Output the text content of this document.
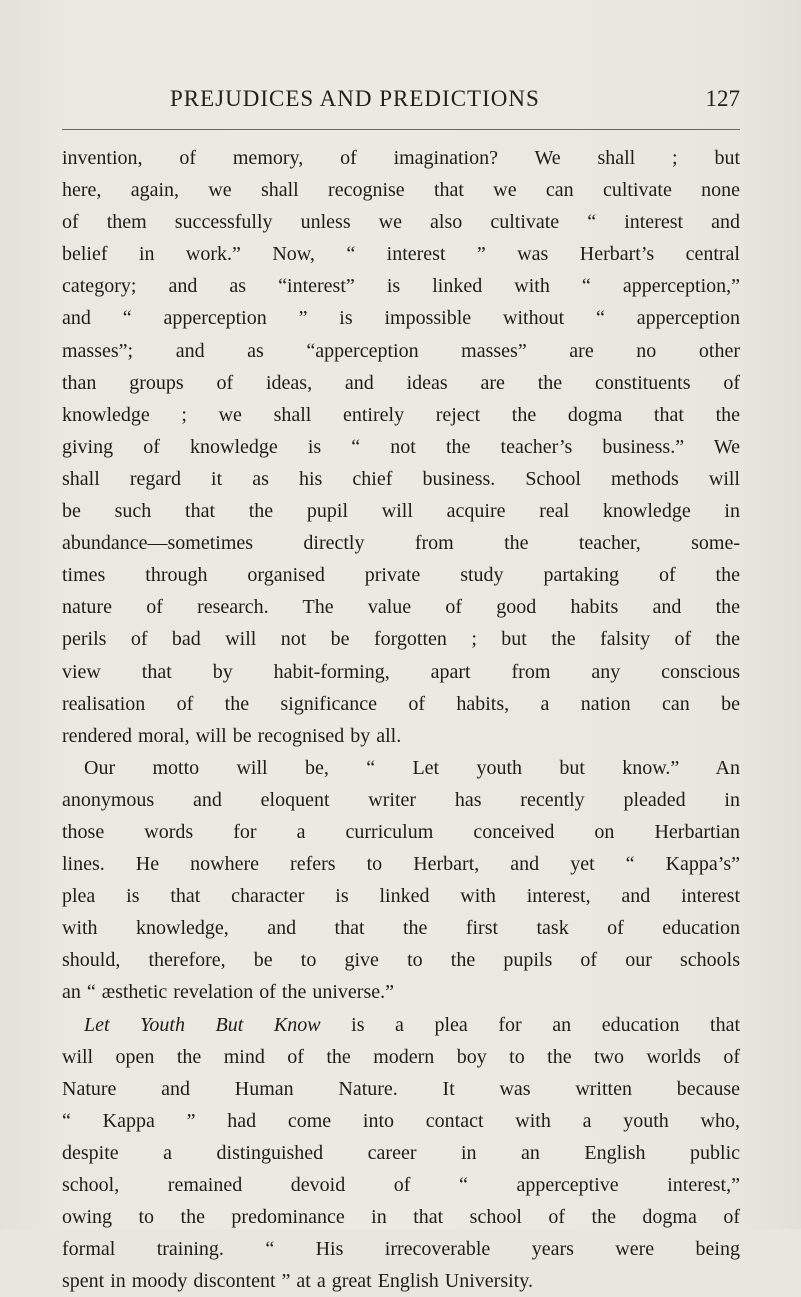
PREJUDICES AND PREDICTIONS	127
invention, of memory, of imagination? We shall ; but
here, again, we shall recognise that we can cultivate none
of them successfully unless we also cultivate “ interest and
belief in work.” Now, “ interest ” was Herbart’s central
category; and as “interest” is linked with “ apperception,”
and “ apperception ” is impossible without “ apperception
masses”; and as “apperception masses” are no other
than groups of ideas, and ideas are the constituents of
knowledge ; we shall entirely reject the dogma that the
giving of knowledge is “ not the teacher’s business.” We
shall regard it as his chief business. School methods will
be such that the pupil will acquire real knowledge in
abundance—sometimes directly from the teacher, some-
times through organised private study partaking of the
nature of research. The value of good habits and the
perils of bad will not be forgotten ; but the falsity of the
view that by habit-forming, apart from any conscious
realisation of the significance of habits, a nation can be
rendered moral, will be recognised by all.
Our motto will be, “ Let youth but know.” An
anonymous and eloquent writer has recently pleaded in
those words for a curriculum conceived on Herbartian
lines. He nowhere refers to Herbart, and yet “ Kappa’s”
plea is that character is linked with interest, and interest
with knowledge, and that the first task of education
should, therefore, be to give to the pupils of our schools
an “ æsthetic revelation of the universe.”
Let Youth But Know is a plea for an education that
will open the mind of the modern boy to the two worlds of
Nature and Human Nature. It was written because
“ Kappa ” had come into contact with a youth who,
despite a distinguished career in an English public
school, remained devoid of “ apperceptive interest,”
owing to the predominance in that school of the dogma of
formal training. “ His irrecoverable years were being
spent in moody discontent ” at a great English University.
